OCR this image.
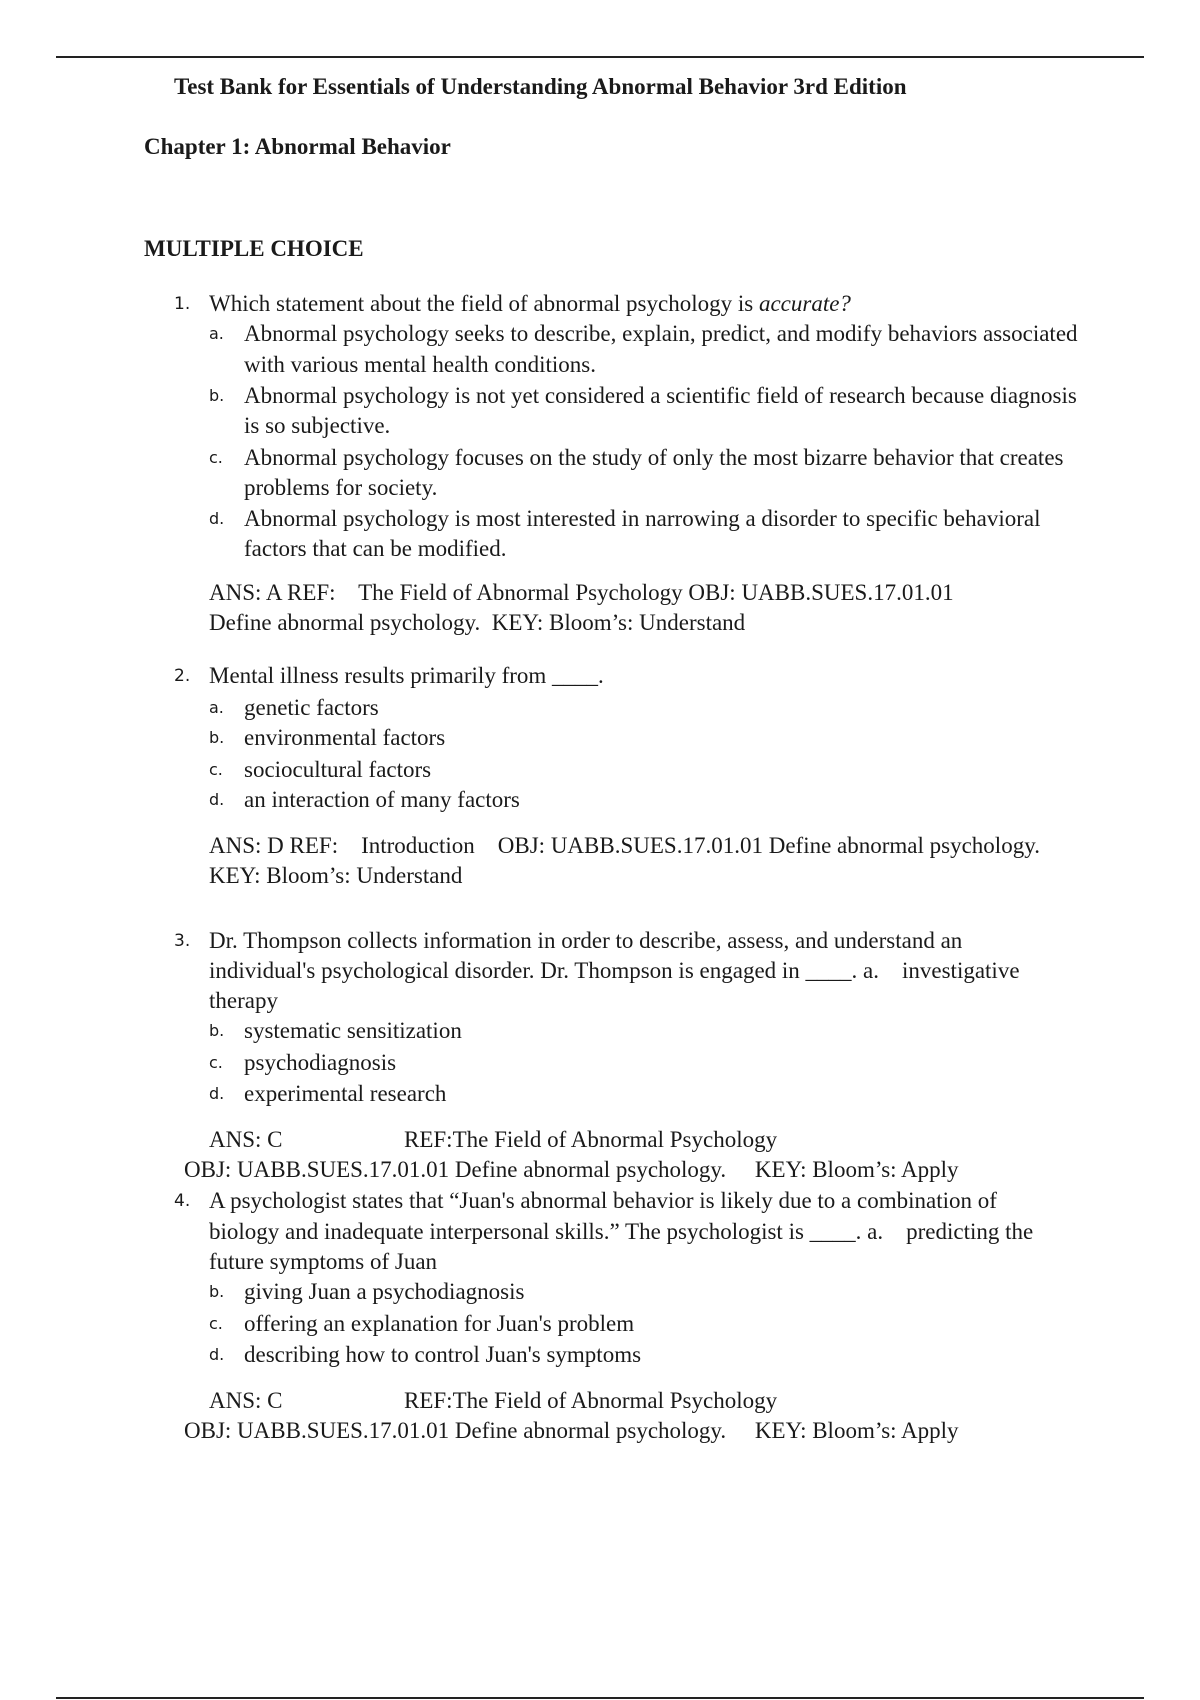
Test Bank for Essentials of Understanding Abnormal Behavior 3rd Edition
Chapter 1: Abnormal Behavior
MULTIPLE CHOICE
1. Which statement about the field of abnormal psychology is accurate?
a. Abnormal psychology seeks to describe, explain, predict, and modify behaviors associated
with various mental health conditions.
b. Abnormal psychology is not yet considered a scientific field of research because diagnosis
is so subjective.
c. Abnormal psychology focuses on the study of only the most bizarre behavior that creates
problems for society.
d. Abnormal psychology is most interested in narrowing a disorder to specific behavioral
factors that can be modified.
ANS: A REF:    The Field of Abnormal Psychology OBJ: UABB.SUES.17.01.01
Define abnormal psychology.  KEY: Bloom’s: Understand
2. Mental illness results primarily from ____.
a. genetic factors
b. environmental factors
c. sociocultural factors
d. an interaction of many factors
ANS: D REF:    Introduction    OBJ: UABB.SUES.17.01.01 Define abnormal psychology.
KEY: Bloom’s: Understand
3. Dr. Thompson collects information in order to describe, assess, and understand an
individual's psychological disorder. Dr. Thompson is engaged in ____. a.    investigative
therapy
b. systematic sensitization
c. psychodiagnosis
d. experimental research
ANS: C	REF:The Field of Abnormal Psychology
OBJ: UABB.SUES.17.01.01 Define abnormal psychology.     KEY: Bloom’s: Apply
4. A psychologist states that “Juan's abnormal behavior is likely due to a combination of
biology and inadequate interpersonal skills.” The psychologist is ____. a.    predicting the
future symptoms of Juan
b. giving Juan a psychodiagnosis
c. offering an explanation for Juan's problem
d. describing how to control Juan's symptoms
ANS: C	REF:The Field of Abnormal Psychology
OBJ: UABB.SUES.17.01.01 Define abnormal psychology.     KEY: Bloom’s: Apply
